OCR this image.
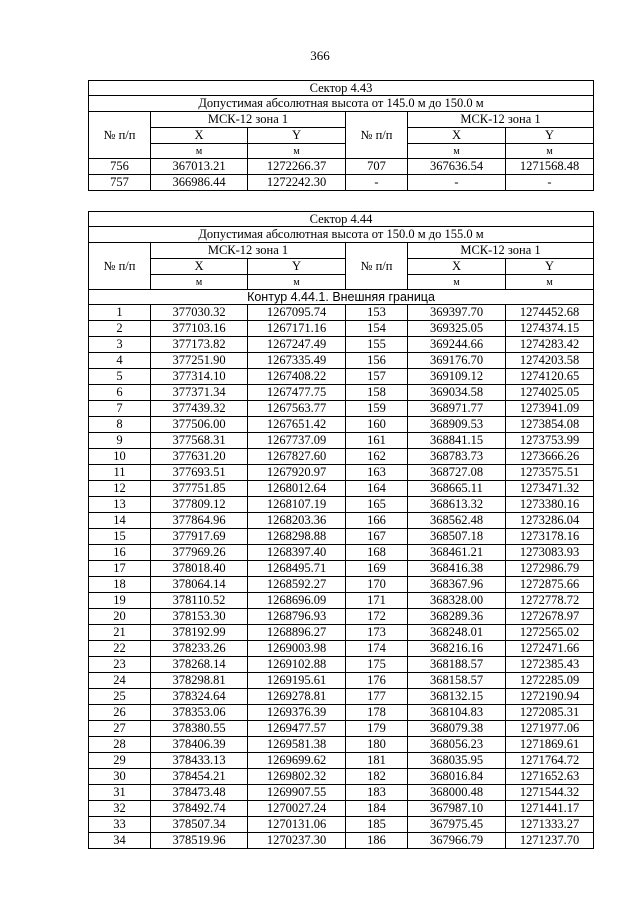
366
Сектор 4.43					
Допустимая абсолютная высота от 145.0 м до 150.0 м					
№ п/п	МСК-12 зона 1		№ п/п	МСК-12 зона 1	
	Х	Y		Х	Y
	м	м		м	м
756	367013.21	1272266.37	707	367636.54	1271568.48
757	366986.44	1272242.30	-	-	-
Сектор 4.44					
Допустимая абсолютная высота от 150.0 м до 155.0 м					
№ п/п	МСК-12 зона 1		№ п/п	МСК-12 зона 1	
	Х	Y		Х	Y
	м	м		м	м
Контур 4.44.1. Внешняя граница					
1	377030.32	1267095.74	153	369397.70	1274452.68
2	377103.16	1267171.16	154	369325.05	1274374.15
3	377173.82	1267247.49	155	369244.66	1274283.42
4	377251.90	1267335.49	156	369176.70	1274203.58
5	377314.10	1267408.22	157	369109.12	1274120.65
6	377371.34	1267477.75	158	369034.58	1274025.05
7	377439.32	1267563.77	159	368971.77	1273941.09
8	377506.00	1267651.42	160	368909.53	1273854.08
9	377568.31	1267737.09	161	368841.15	1273753.99
10	377631.20	1267827.60	162	368783.73	1273666.26
11	377693.51	1267920.97	163	368727.08	1273575.51
12	377751.85	1268012.64	164	368665.11	1273471.32
13	377809.12	1268107.19	165	368613.32	1273380.16
14	377864.96	1268203.36	166	368562.48	1273286.04
15	377917.69	1268298.88	167	368507.18	1273178.16
16	377969.26	1268397.40	168	368461.21	1273083.93
17	378018.40	1268495.71	169	368416.38	1272986.79
18	378064.14	1268592.27	170	368367.96	1272875.66
19	378110.52	1268696.09	171	368328.00	1272778.72
20	378153.30	1268796.93	172	368289.36	1272678.97
21	378192.99	1268896.27	173	368248.01	1272565.02
22	378233.26	1269003.98	174	368216.16	1272471.66
23	378268.14	1269102.88	175	368188.57	1272385.43
24	378298.81	1269195.61	176	368158.57	1272285.09
25	378324.64	1269278.81	177	368132.15	1272190.94
26	378353.06	1269376.39	178	368104.83	1272085.31
27	378380.55	1269477.57	179	368079.38	1271977.06
28	378406.39	1269581.38	180	368056.23	1271869.61
29	378433.13	1269699.62	181	368035.95	1271764.72
30	378454.21	1269802.32	182	368016.84	1271652.63
31	378473.48	1269907.55	183	368000.48	1271544.32
32	378492.74	1270027.24	184	367987.10	1271441.17
33	378507.34	1270131.06	185	367975.45	1271333.27
34	378519.96	1270237.30	186	367966.79	1271237.70
